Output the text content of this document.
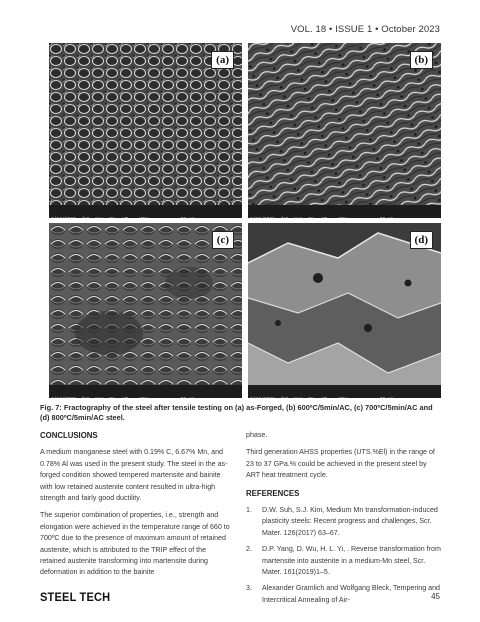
VOL. 18 • ISSUE 1 • October 2023
(a)

	(b)

(c)

	(d)

Fig. 7: Fractography of the steel after tensile testing on (a) as-Forged, (b) 600ºC/5min/AC, (c) 700ºC/5min/AC and
(d) 800ºC/5min/AC steel.
CONCLUSIONS
A medium manganese steel with 0.19% C, 6.67% Mn, and 0.78% Al was used in the present study. The steel in the as-forged condition showed tempered martensite and bainite with low retained austenite content resulted in ultra-high strength and fairly good ductility.
The superior combination of properties, i.e., strength and elongation were achieved in the temperature range of 660 to 700ºC due to the presence of maximum amount of retained austenite, which is attributed to the TRIP effect of the retained austenite transforming into martensite during deformation in addition to the bainite
phase.
Third generation AHSS properties (UTS.%El) in the range of 23 to 37 GPa.% could be achieved in the present steel by ART heat treatment cycle.
REFERENCES
1. D.W. Suh, S.J. Kim, Medium Mn transformation-induced plasticity steels: Recent progress and challenges, Scr. Mater. 126(2017) 63–67.
2. D.P. Yang, D. Wu, H. L. Yi, . Reverse transformation from martensite into austenite in a medium-Mn steel, Scr. Mater. 161(2019)1–5.
3. Alexander Gramlich and Wolfgang Bleck, Tempering and Intercritical Annealing of Air-
STEEL TECH	45
